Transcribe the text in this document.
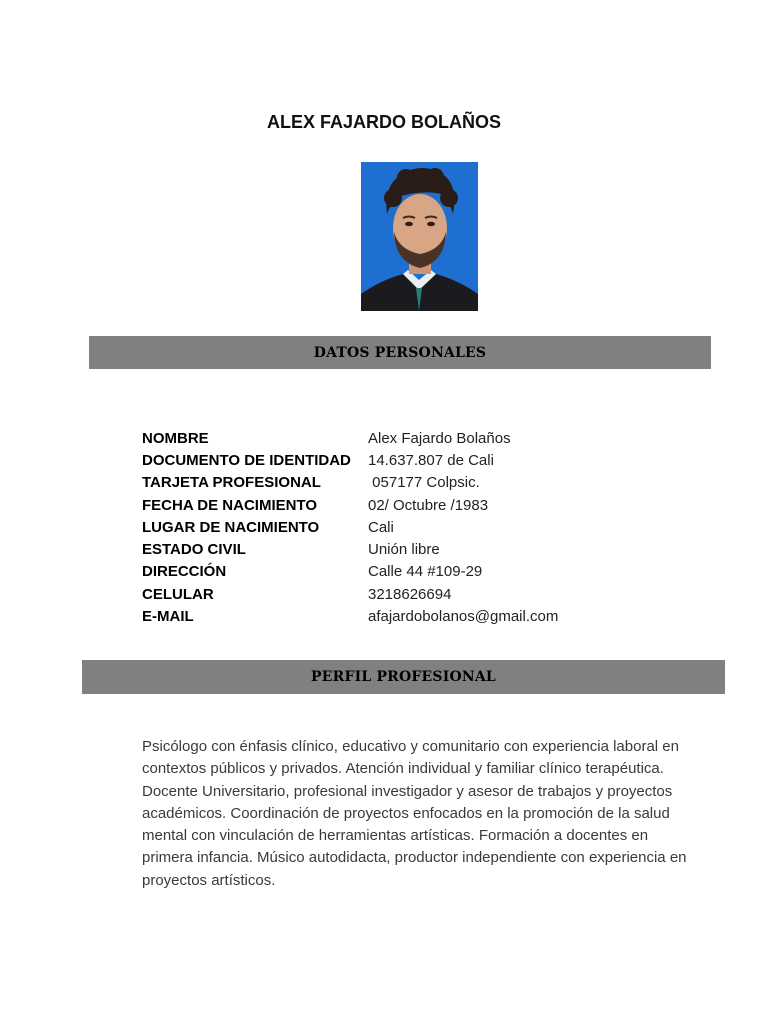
ALEX FAJARDO BOLAÑOS
DATOS PERSONALES
NOMBRE	Alex Fajardo Bolaños
DOCUMENTO DE IDENTIDAD	14.637.807 de Cali
TARJETA PROFESIONAL	057177 Colpsic.
FECHA DE NACIMIENTO	02/ Octubre /1983
LUGAR DE NACIMIENTO	Cali
ESTADO CIVIL	Unión libre
DIRECCIÓN	Calle 44 #109-29
CELULAR	3218626694
E-MAIL	afajardobolanos@gmail.com
PERFIL PROFESIONAL

Psicólogo con énfasis clínico, educativo y comunitario con experiencia laboral en contextos públicos y privados. Atención individual y familiar clínico terapéutica. Docente Universitario, profesional investigador y asesor de trabajos y proyectos académicos. Coordinación de proyectos enfocados en la promoción de la salud mental con vinculación de herramientas artísticas. Formación a docentes en primera infancia. Músico autodidacta, productor independiente con experiencia en proyectos artísticos.
